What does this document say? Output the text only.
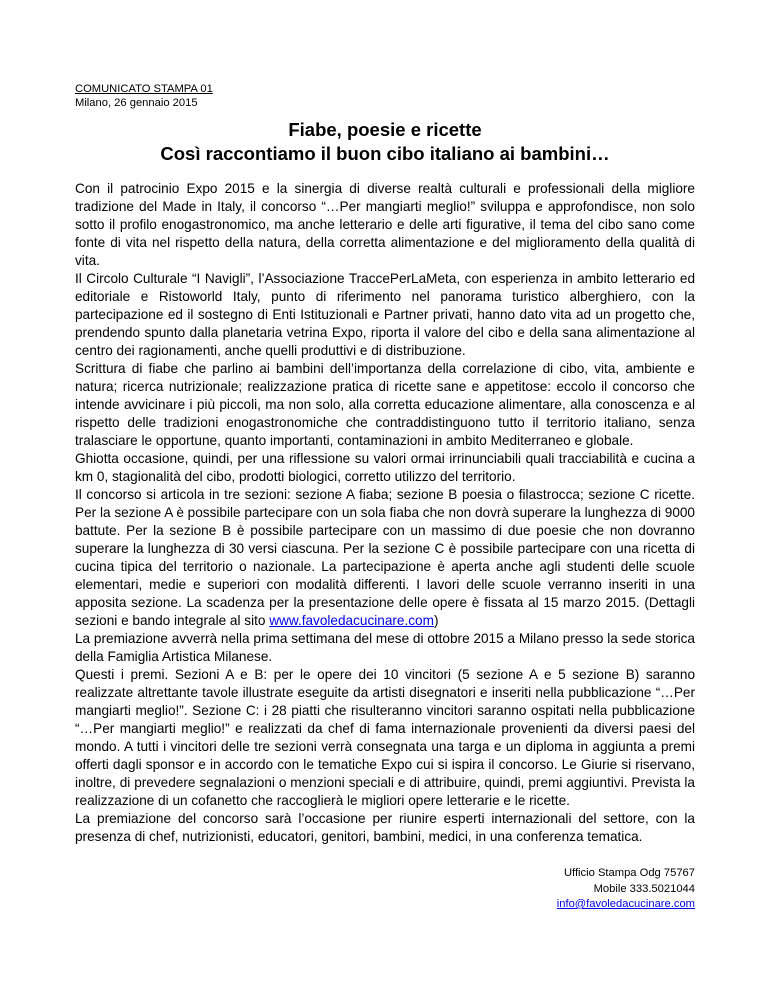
COMUNICATO STAMPA 01
Milano, 26 gennaio 2015
Fiabe, poesie e ricette
Così raccontiamo il buon cibo italiano ai bambini…

Con il patrocinio Expo 2015 e la sinergia di diverse realtà culturali e professionali della migliore tradizione del Made in Italy, il concorso “…Per mangiarti meglio!” sviluppa e approfondisce, non solo sotto il profilo enogastronomico, ma anche letterario e delle arti figurative, il tema del cibo sano come fonte di vita nel rispetto della natura, della corretta alimentazione e del miglioramento della qualità di vita.

Il Circolo Culturale “I Navigli”, l’Associazione TraccePerLaMeta, con esperienza in ambito letterario ed editoriale e Ristoworld Italy, punto di riferimento nel panorama turistico alberghiero, con la partecipazione ed il sostegno di Enti Istituzionali e Partner privati, hanno dato vita ad un progetto che, prendendo spunto dalla planetaria vetrina Expo, riporta il valore del cibo e della sana alimentazione al centro dei ragionamenti, anche quelli produttivi e di distribuzione.

Scrittura di fiabe che parlino ai bambini dell’importanza della correlazione di cibo, vita, ambiente e natura; ricerca nutrizionale; realizzazione pratica di ricette sane e appetitose: eccolo il concorso che intende avvicinare i più piccoli, ma non solo, alla corretta educazione alimentare, alla conoscenza e al rispetto delle tradizioni enogastronomiche che contraddistinguono tutto il territorio italiano, senza tralasciare le opportune, quanto importanti, contaminazioni in ambito Mediterraneo e globale.

Ghiotta occasione, quindi, per una riflessione su valori ormai irrinunciabili quali tracciabilità e cucina a km 0, stagionalità del cibo, prodotti biologici, corretto utilizzo del territorio.

Il concorso si articola in tre sezioni: sezione A fiaba; sezione B poesia o filastrocca; sezione C ricette. Per la sezione A è possibile partecipare con un sola fiaba che non dovrà superare la lunghezza di 9000 battute. Per la sezione B è possibile partecipare con un massimo di due poesie che non dovranno superare la lunghezza di 30 versi ciascuna. Per la sezione C è possibile partecipare con una ricetta di cucina tipica del territorio o nazionale. La partecipazione è aperta anche agli studenti delle scuole elementari, medie e superiori con modalità differenti. I lavori delle scuole verranno inseriti in una apposita sezione. La scadenza per la presentazione delle opere è fissata al 15 marzo 2015. (Dettagli sezioni e bando integrale al sito www.favoledacucinare.com)

La premiazione avverrà nella prima settimana del mese di ottobre 2015 a Milano presso la sede storica della Famiglia Artistica Milanese.

Questi i premi. Sezioni A e B: per le opere dei 10 vincitori (5 sezione A e 5 sezione B) saranno realizzate altrettante tavole illustrate eseguite da artisti disegnatori e inseriti nella pubblicazione “…Per mangiarti meglio!”. Sezione C: i 28 piatti che risulteranno vincitori saranno ospitati nella pubblicazione “…Per mangiarti meglio!” e realizzati da chef di fama internazionale provenienti da diversi paesi del mondo. A tutti i vincitori delle tre sezioni verrà consegnata una targa e un diploma in aggiunta a premi offerti dagli sponsor e in accordo con le tematiche Expo cui si ispira il concorso. Le Giurie si riservano, inoltre, di prevedere segnalazioni o menzioni speciali e di attribuire, quindi, premi aggiuntivi. Prevista la realizzazione di un cofanetto che raccoglierà le migliori opere letterarie e le ricette.

La premiazione del concorso sarà l’occasione per riunire esperti internazionali del settore, con la presenza di chef, nutrizionisti, educatori, genitori, bambini, medici, in una conferenza tematica.

Ufficio Stampa Odg 75767
Mobile 333.5021044
info@favoledacucinare.com
